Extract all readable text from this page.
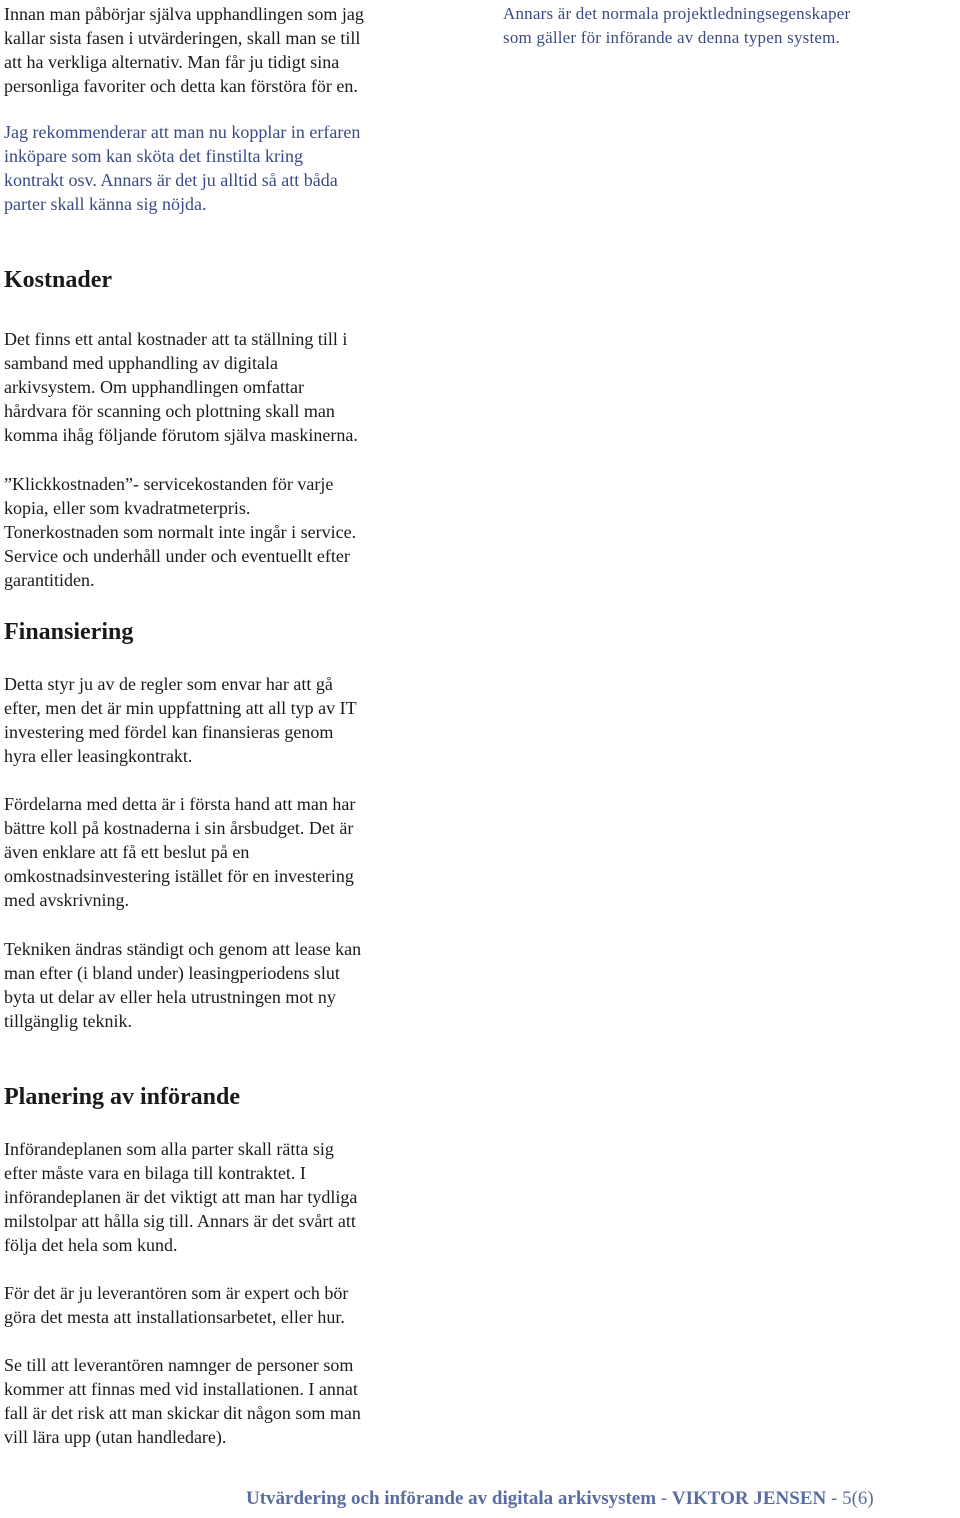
Innan man påbörjar själva upphandlingen som jag
kallar sista fasen i utvärderingen, skall man se till
att ha verkliga alternativ. Man får ju tidigt sina
personliga favoriter och detta kan förstöra för en.

Annars är det normala projektledningsegenskaper
som gäller för införande av denna typen system.

Jag rekommenderar att man nu kopplar in erfaren
inköpare som kan sköta det finstilta kring
kontrakt osv. Annars är det ju alltid så att båda
parter skall känna sig nöjda.

Kostnader

Det finns ett antal kostnader att ta ställning till i
samband med upphandling av digitala
arkivsystem. Om upphandlingen omfattar
hårdvara för scanning och plottning skall man
komma ihåg följande förutom själva maskinerna.

”Klickkostnaden”- servicekostanden för varje
kopia, eller som kvadratmeterpris.
Tonerkostnaden som normalt inte ingår i service.
Service och underhåll under och eventuellt efter
garantitiden.

Finansiering

Detta styr ju av de regler som envar har att gå
efter, men det är min uppfattning att all typ av IT
investering med fördel kan finansieras genom
hyra eller leasingkontrakt.

Fördelarna med detta är i första hand att man har
bättre koll på kostnaderna i sin årsbudget. Det är
även enklare att få ett beslut på en
omkostnadsinvestering istället för en investering
med avskrivning.

Tekniken ändras ständigt och genom att lease kan
man efter (i bland under) leasingperiodens slut
byta ut delar av eller hela utrustningen mot ny
tillgänglig teknik.

Planering av införande

Införandeplanen som alla parter skall rätta sig
efter måste vara en bilaga till kontraktet. I
införandeplanen är det viktigt att man har tydliga
milstolpar att hålla sig till. Annars är det svårt att
följa det hela som kund.

För det är ju leverantören som är expert och bör
göra det mesta att installationsarbetet, eller hur.

Se till att leverantören namnger de personer som
kommer att finnas med vid installationen. I annat
fall är det risk att man skickar dit någon som man
vill lära upp (utan handledare).

Utvärdering och införande av digitala arkivsystem - VIKTOR JENSEN - 5(6)
